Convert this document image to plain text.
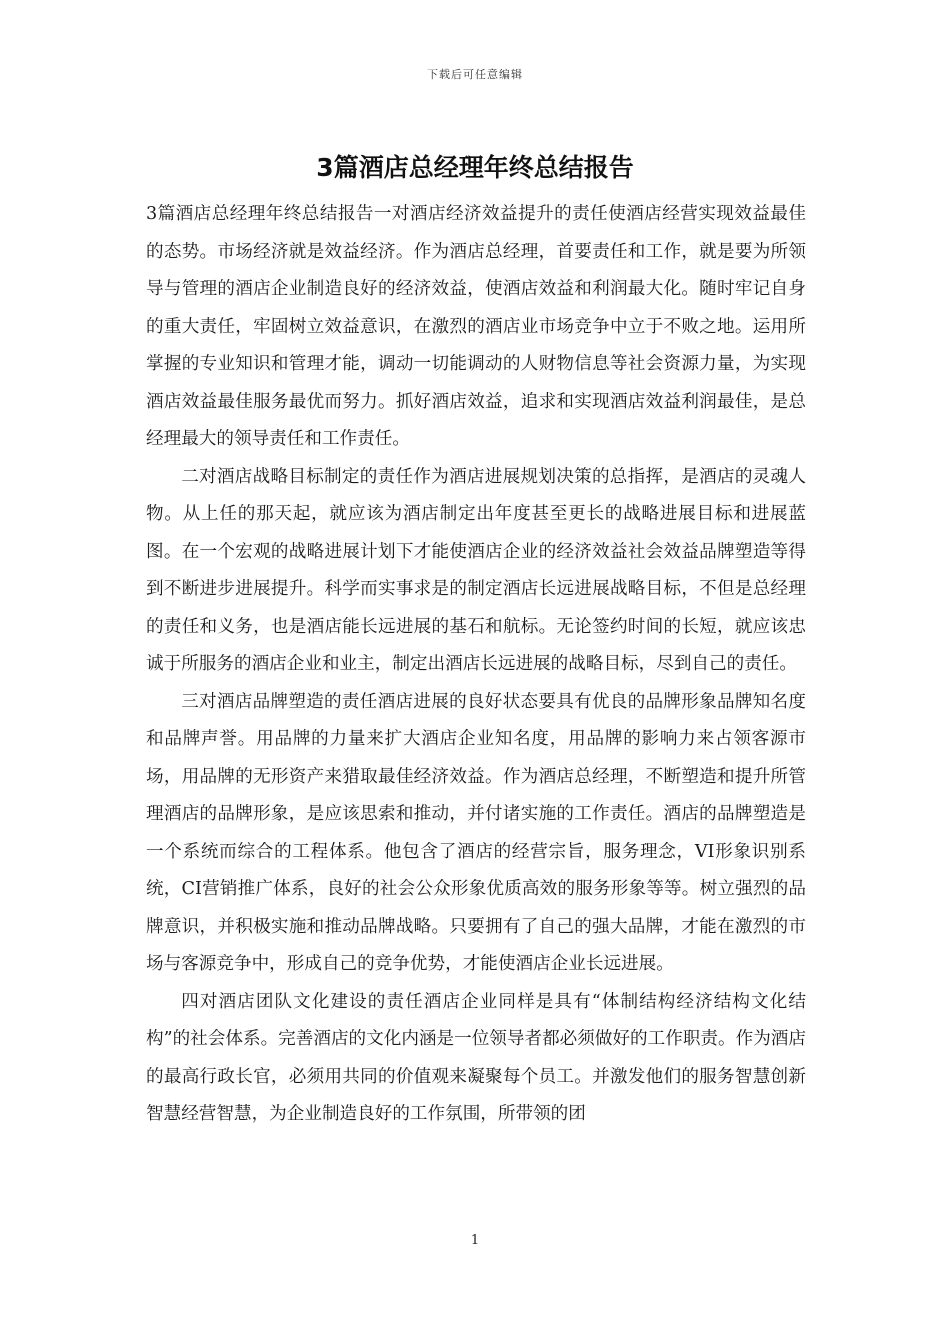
下载后可任意编辑
3篇酒店总经理年终总结报告

3篇酒店总经理年终总结报告一对酒店经济效益提升的责任使酒店经营实现效益最佳的态势。市场经济就是效益经济。作为酒店总经理，首要责任和工作，就是要为所领导与管理的酒店企业制造良好的经济效益，使酒店效益和利润最大化。随时牢记自身的重大责任，牢固树立效益意识，在激烈的酒店业市场竞争中立于不败之地。运用所掌握的专业知识和管理才能，调动一切能调动的人财物信息等社会资源力量，为实现酒店效益最佳服务最优而努力。抓好酒店效益，追求和实现酒店效益利润最佳，是总经理最大的领导责任和工作责任。

二对酒店战略目标制定的责任作为酒店进展规划决策的总指挥，是酒店的灵魂人物。从上任的那天起，就应该为酒店制定出年度甚至更长的战略进展目标和进展蓝图。在一个宏观的战略进展计划下才能使酒店企业的经济效益社会效益品牌塑造等得到不断进步进展提升。科学而实事求是的制定酒店长远进展战略目标，不但是总经理的责任和义务，也是酒店能长远进展的基石和航标。无论签约时间的长短，就应该忠诚于所服务的酒店企业和业主，制定出酒店长远进展的战略目标，尽到自己的责任。

三对酒店品牌塑造的责任酒店进展的良好状态要具有优良的品牌形象品牌知名度和品牌声誉。用品牌的力量来扩大酒店企业知名度，用品牌的影响力来占领客源市场，用品牌的无形资产来猎取最佳经济效益。作为酒店总经理，不断塑造和提升所管理酒店的品牌形象，是应该思索和推动，并付诸实施的工作责任。酒店的品牌塑造是一个系统而综合的工程体系。他包含了酒店的经营宗旨，服务理念，VI形象识别系统，CI营销推广体系，良好的社会公众形象优质高效的服务形象等等。树立强烈的品牌意识，并积极实施和推动品牌战略。只要拥有了自己的强大品牌，才能在激烈的市场与客源竞争中，形成自己的竞争优势，才能使酒店企业长远进展。

四对酒店团队文化建设的责任酒店企业同样是具有“体制结构经济结构文化结构”的社会体系。完善酒店的文化内涵是一位领导者都必须做好的工作职责。作为酒店的最高行政长官，必须用共同的价值观来凝聚每个员工。并激发他们的服务智慧创新智慧经营智慧，为企业制造良好的工作氛围，所带领的团

1
